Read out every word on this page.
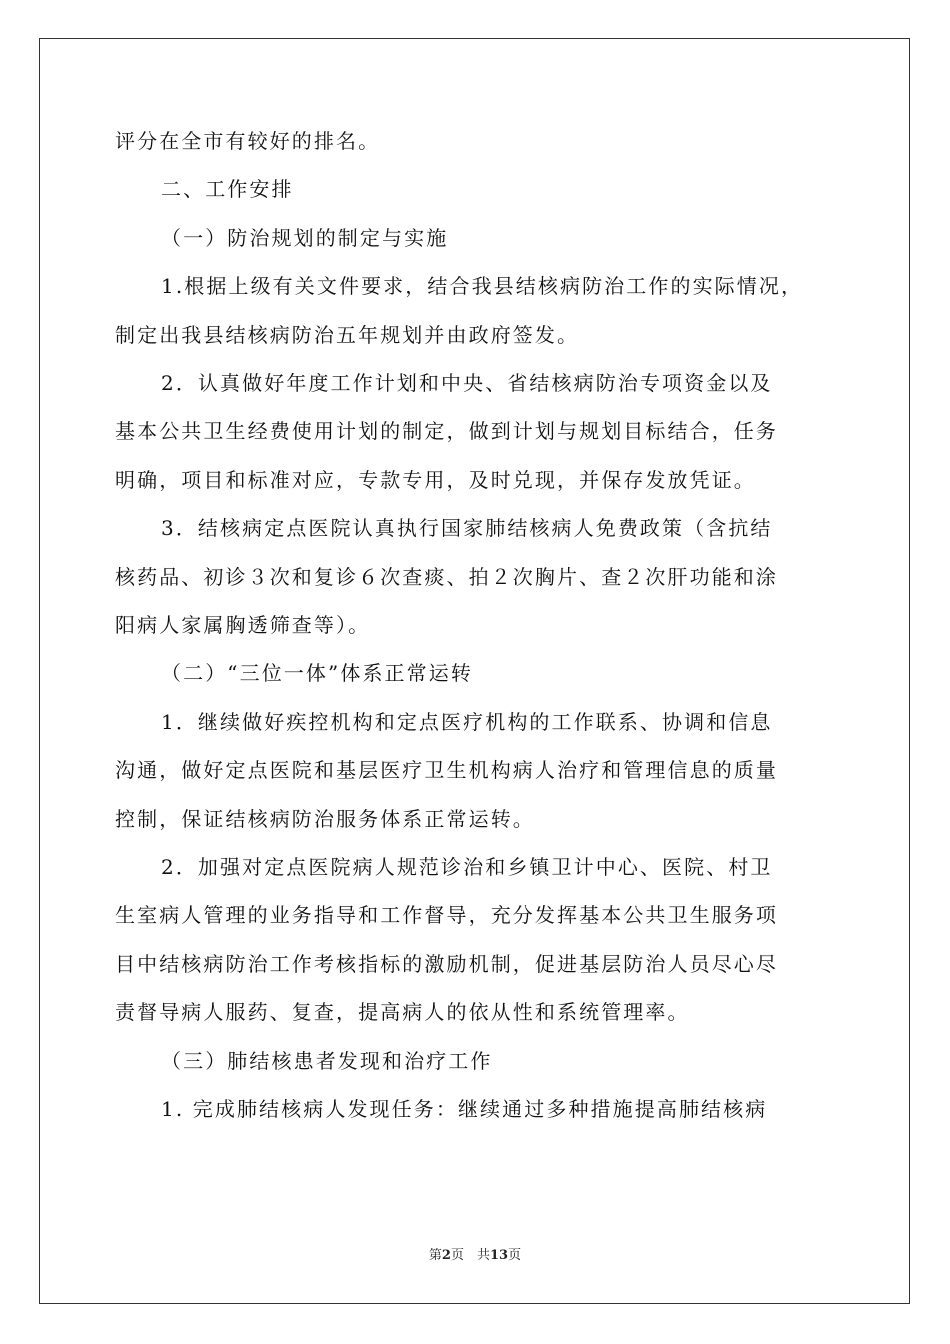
评分在全市有较好的排名。
二、工作安排
（一）防治规划的制定与实施
1.根据上级有关文件要求，结合我县结核病防治工作的实际情况，
制定出我县结核病防治五年规划并由政府签发。
2．认真做好年度工作计划和中央、省结核病防治专项资金以及
基本公共卫生经费使用计划的制定，做到计划与规划目标结合，任务
明确，项目和标准对应，专款专用，及时兑现，并保存发放凭证。
3．结核病定点医院认真执行国家肺结核病人免费政策（含抗结
核药品、初诊３次和复诊６次查痰、拍２次胸片、查２次肝功能和涂
阳病人家属胸透筛查等）。
（二）“三位一体”体系正常运转
1．继续做好疾控机构和定点医疗机构的工作联系、协调和信息
沟通，做好定点医院和基层医疗卫生机构病人治疗和管理信息的质量
控制，保证结核病防治服务体系正常运转。
2．加强对定点医院病人规范诊治和乡镇卫计中心、医院、村卫
生室病人管理的业务指导和工作督导，充分发挥基本公共卫生服务项
目中结核病防治工作考核指标的激励机制，促进基层防治人员尽心尽
责督导病人服药、复查，提高病人的依从性和系统管理率。
（三）肺结核患者发现和治疗工作
1. 完成肺结核病人发现任务：继续通过多种措施提高肺结核病
第2页　共13页
